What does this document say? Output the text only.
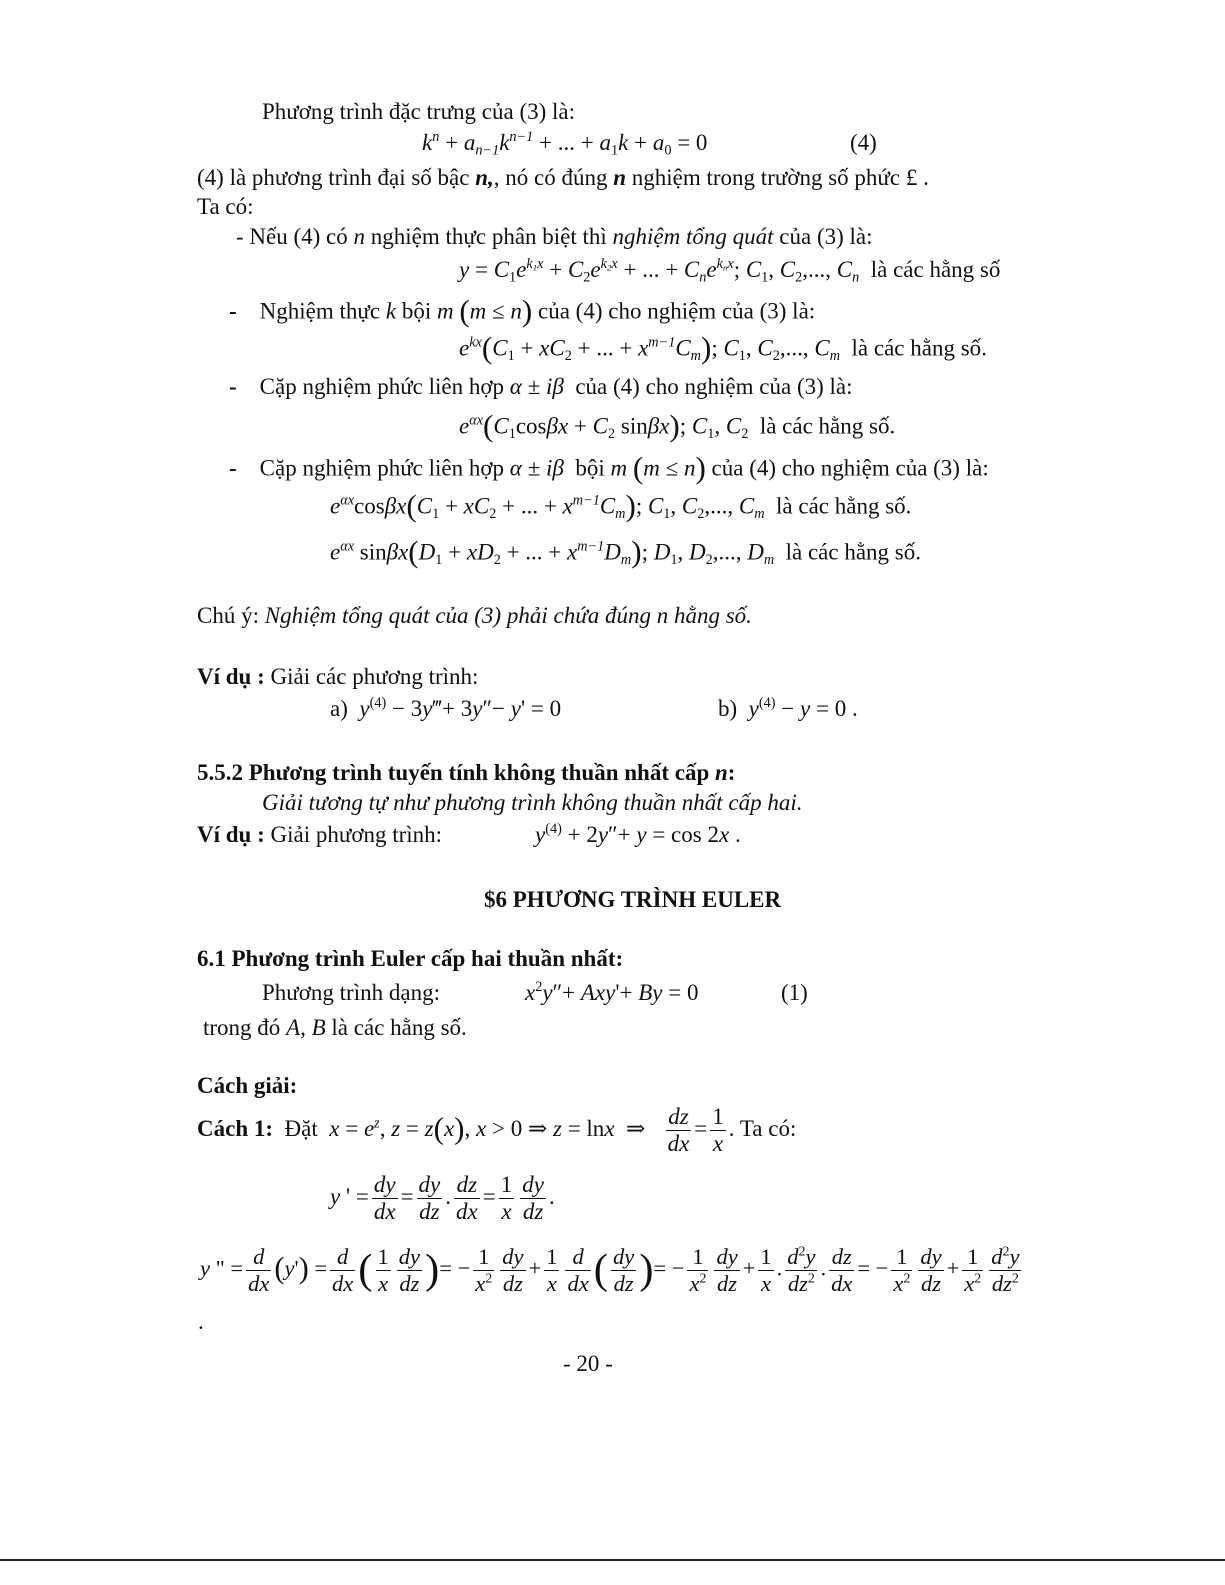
Phương trình đặc trưng của (3) là:
$k^n + a_{n-1}k^{n-1}$ + ... + $a_1k + a_0 = 0$	(4)
(4) là phương trình đại số bậc n,, nó có đúng n nghiệm trong trường số phức £ .
Ta có:
- Nếu (4) có n nghiệm thực phân biệt thì nghiệm tổng quát của (3) là:
$y = C_1e^{k_1x} + C_2e^{k_2x}$ + ... + $C_ne^{k_nx}$; $C_1$, $C_2$,..., $C_n$ là các hằng số
- Nghiệm thực k bội m (m ≤ n) của (4) cho nghiệm của (3) là:
$e^{kx}(C_1 + xC_2$ + ... + $x^{m-1}C_m$); $C_1$, $C_2$,..., $C_m$ là các hằng số.
- Cặp nghiệm phức liên hợp α ± iβ của (4) cho nghiệm của (3) là:
$e^{\alpha x}(C_1\cos\beta x + C_2$ sinβx); $C_1$, $C_2$ là các hằng số.
- Cặp nghiệm phức liên hợp α ± iβ bội m (m ≤ n) của (4) cho nghiệm của (3) là:
$e^{\alpha x}\cos\beta x(C_1 + xC_2$ + ... + $x^{m-1}C_m$); $C_1$, $C_2$,..., $C_m$ là các hằng số.
$e^{\alpha x}$ $\sin\beta x(D_1 + xD_2$ + ... + $x^{m-1}D_m$); $D_1$, $D_2$,..., $D_m$ là các hằng số.
Chú ý: Nghiệm tổng quát của (3) phải chứa đúng n hằng số.
Ví dụ : Giải các phương trình:
a) $y^{(4)}$ − 3y‴+ 3y″− y' = 0	b) $y^{(4)} - y = 0$ .
5.5.2 Phương trình tuyến tính không thuần nhất cấp n:
Giải tương tự như phương trình không thuần nhất cấp hai.
Ví dụ : Giải phương trình:	$y^{(4)} + 2y''+ y = \cos 2x$ .
$6 PHƯƠNG TRÌNH EULER
6.1 Phương trình Euler cấp hai thuần nhất:
Phương trình dạng:	$x^2y''+ Axy'+ By = 0$	(1)
trong đó A, B là các hằng số.
Cách giải:
Cách 1: Đặt $x = e^z$, z = z(x), x > 0 ⇒ z = lnx  ⇒ $\frac{dz}{dx} = \frac{1}{x}$ . Ta có:
y ' = $\frac{dy}{dx} = \frac{dy}{dz}$ . $\frac{dz}{dx} = \frac{1}{x} \frac{dy}{dz}$ .
y " = $\frac{d}{dx} (y') = \frac{d}{dx}$ ( $\frac{1}{x} \frac{dy}{dz}$ )= − $\frac{1}{x^2} \frac{dy}{dz} + \frac{1}{x} \frac{d}{dx}$ ( $\frac{dy}{dz}$ )= − $\frac{1}{x^2} \frac{dy}{dz} + \frac{1}{x}$ . $\frac{d^2y}{dz^2}$ . $\frac{dz}{dx}$ = − $\frac{1}{x^2} \frac{dy}{dz} + \frac{1}{x^2} \frac{d^2y}{dz^2}$
.
- 20 -
